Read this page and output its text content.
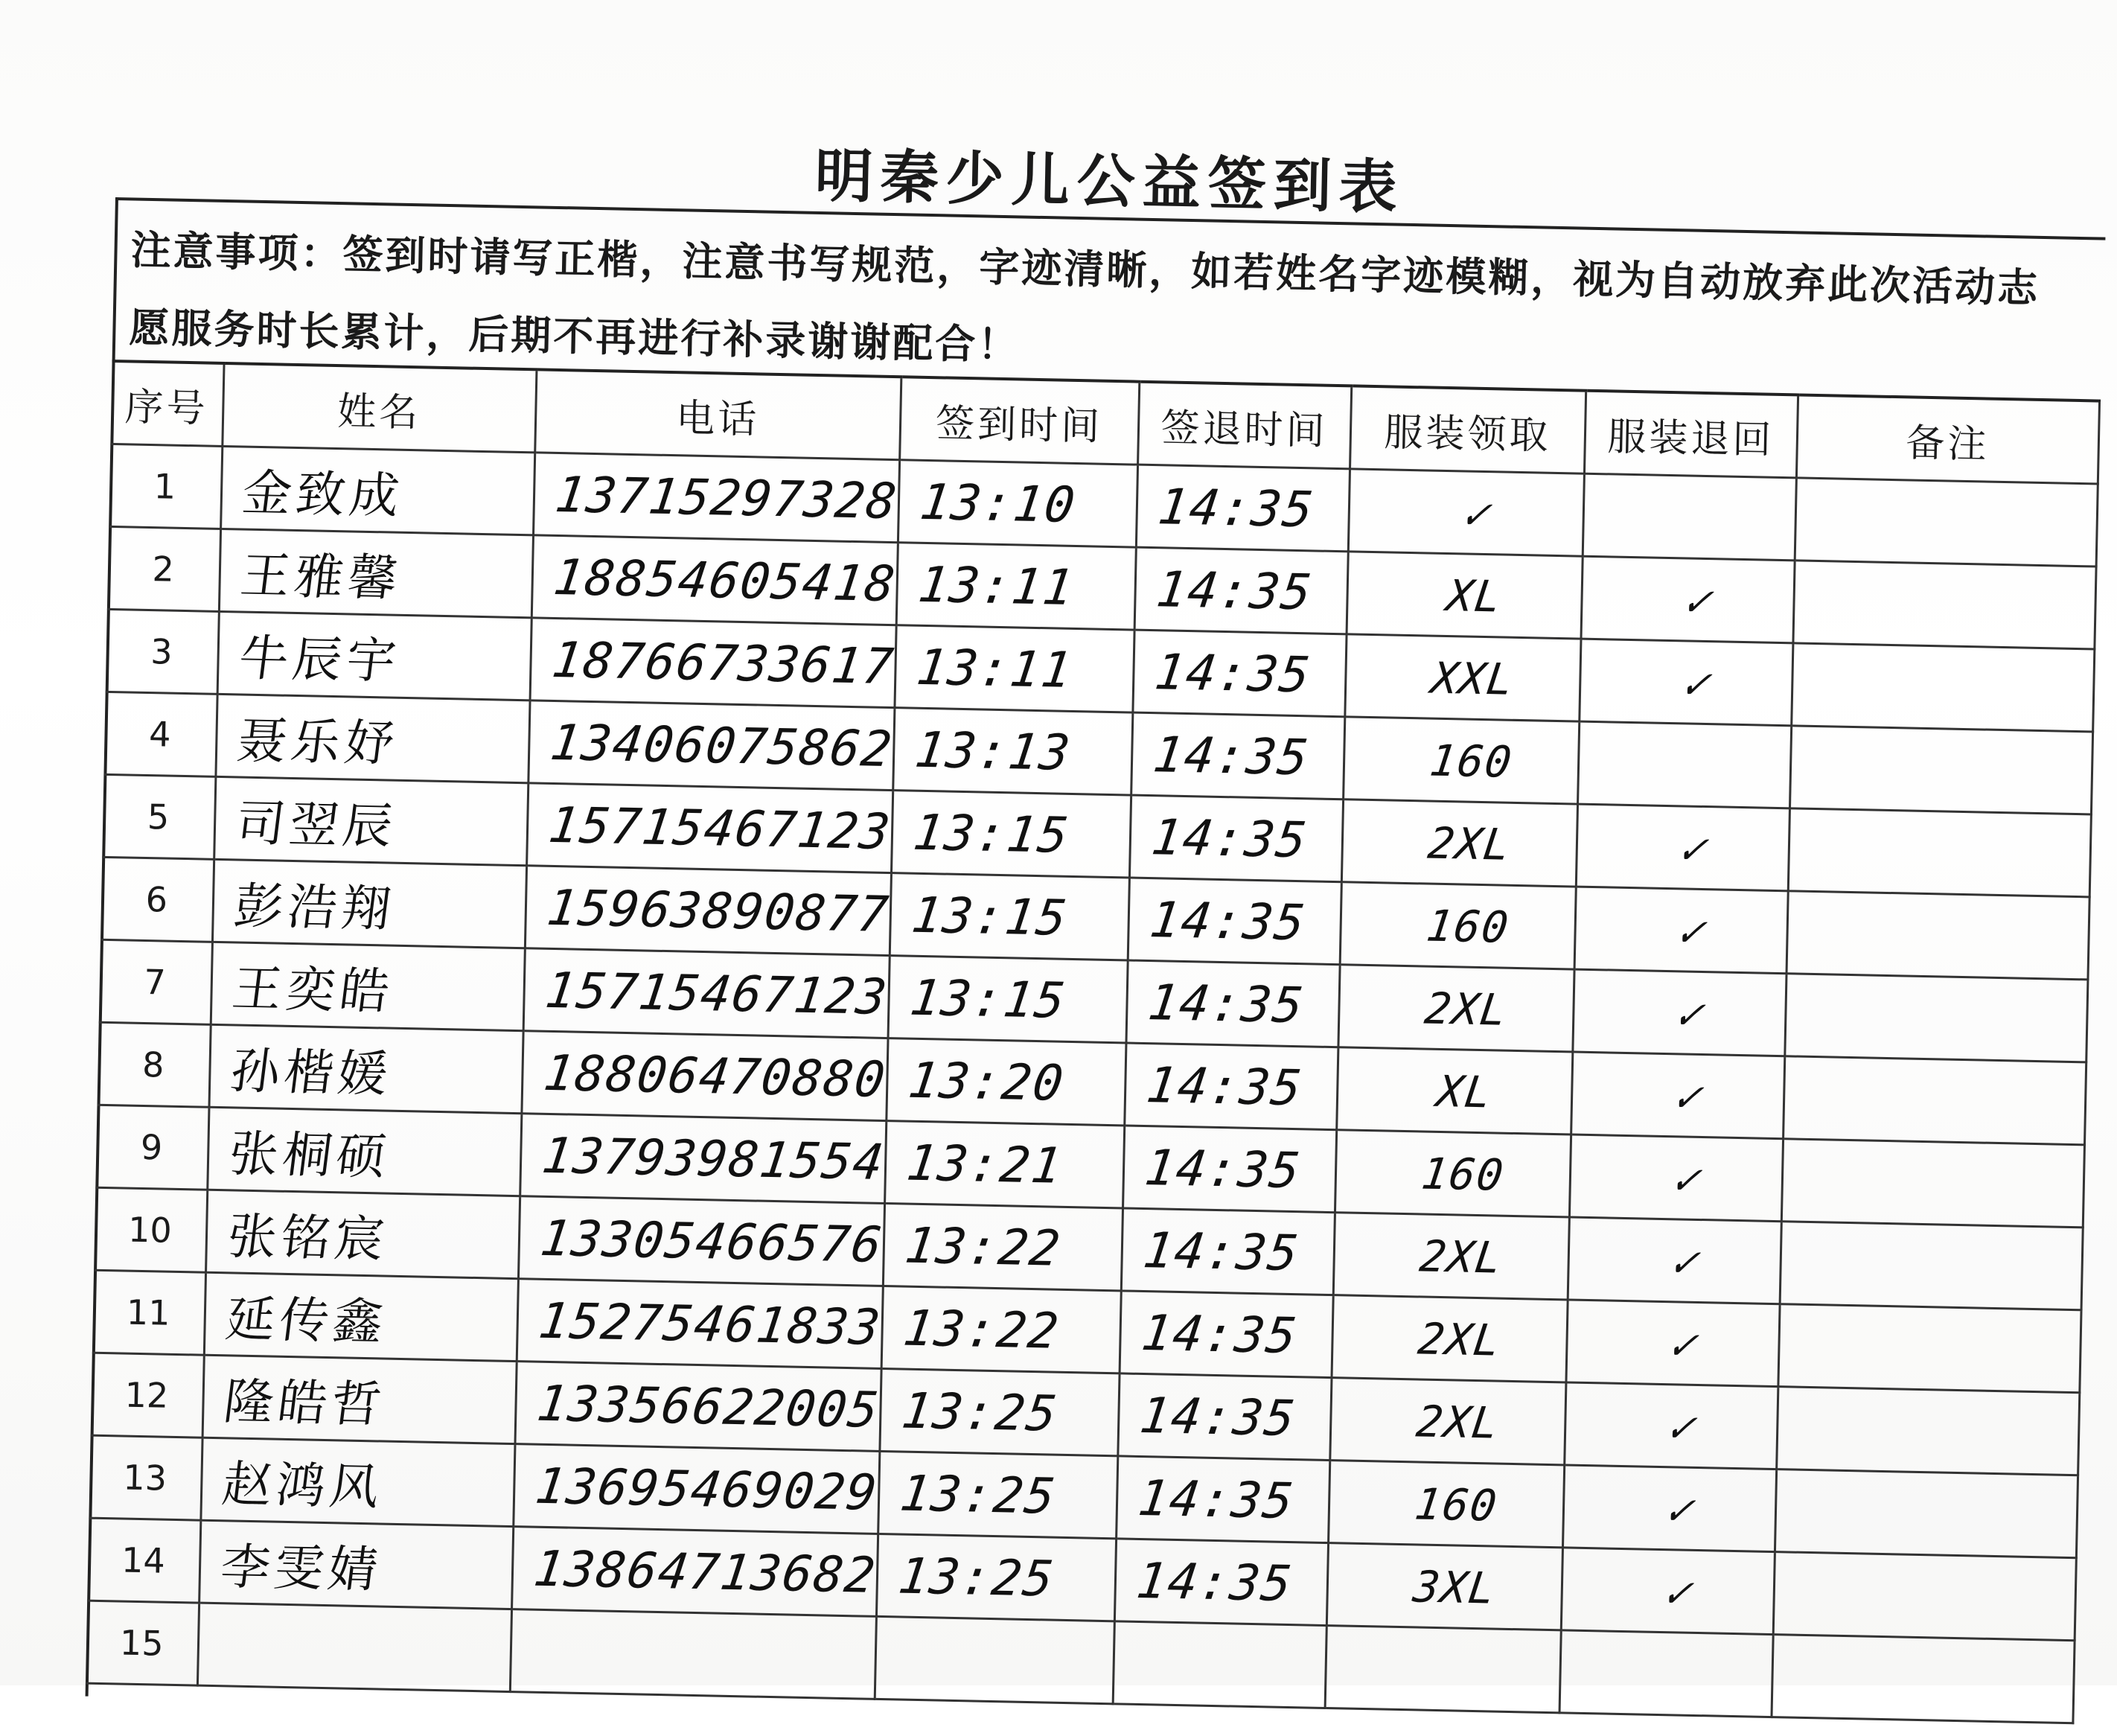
明秦少儿公益签到表
注意事项：签到时请写正楷，注意书写规范，字迹清晰，如若姓名字迹模糊，视为自动放弃此次活动志愿服务时长累计，后期不再进行补录谢谢配合！
序号	姓名	电话	签到时间	签退时间	服装领取	服装退回	备注
1	金致成	13715297328	13:10	14:35	✓		
2	王雅馨	18854605418	13:11	14:35	XL	✓	
3	牛辰宇	18766733617	13:11	14:35	XXL	✓	
4	聂乐妤	13406075862	13:13	14:35	160		
5	司翌辰	15715467123	13:15	14:35	2XL	✓	
6	彭浩翔	15963890877	13:15	14:35	160	✓	
7	王奕皓	15715467123	13:15	14:35	2XL	✓	
8	孙楷媛	18806470880	13:20	14:35	XL	✓	
9	张桐硕	13793981554	13:21	14:35	160	✓	
10	张铭宸	13305466576	13:22	14:35	2XL	✓	
11	延传鑫	15275461833	13:22	14:35	2XL	✓	
12	隆皓哲	13356622005	13:25	14:35	2XL	✓	
13	赵鸿风	13695469029	13:25	14:35	160	✓	
14	李雯婧	13864713682	13:25	14:35	3XL	✓	
15							
